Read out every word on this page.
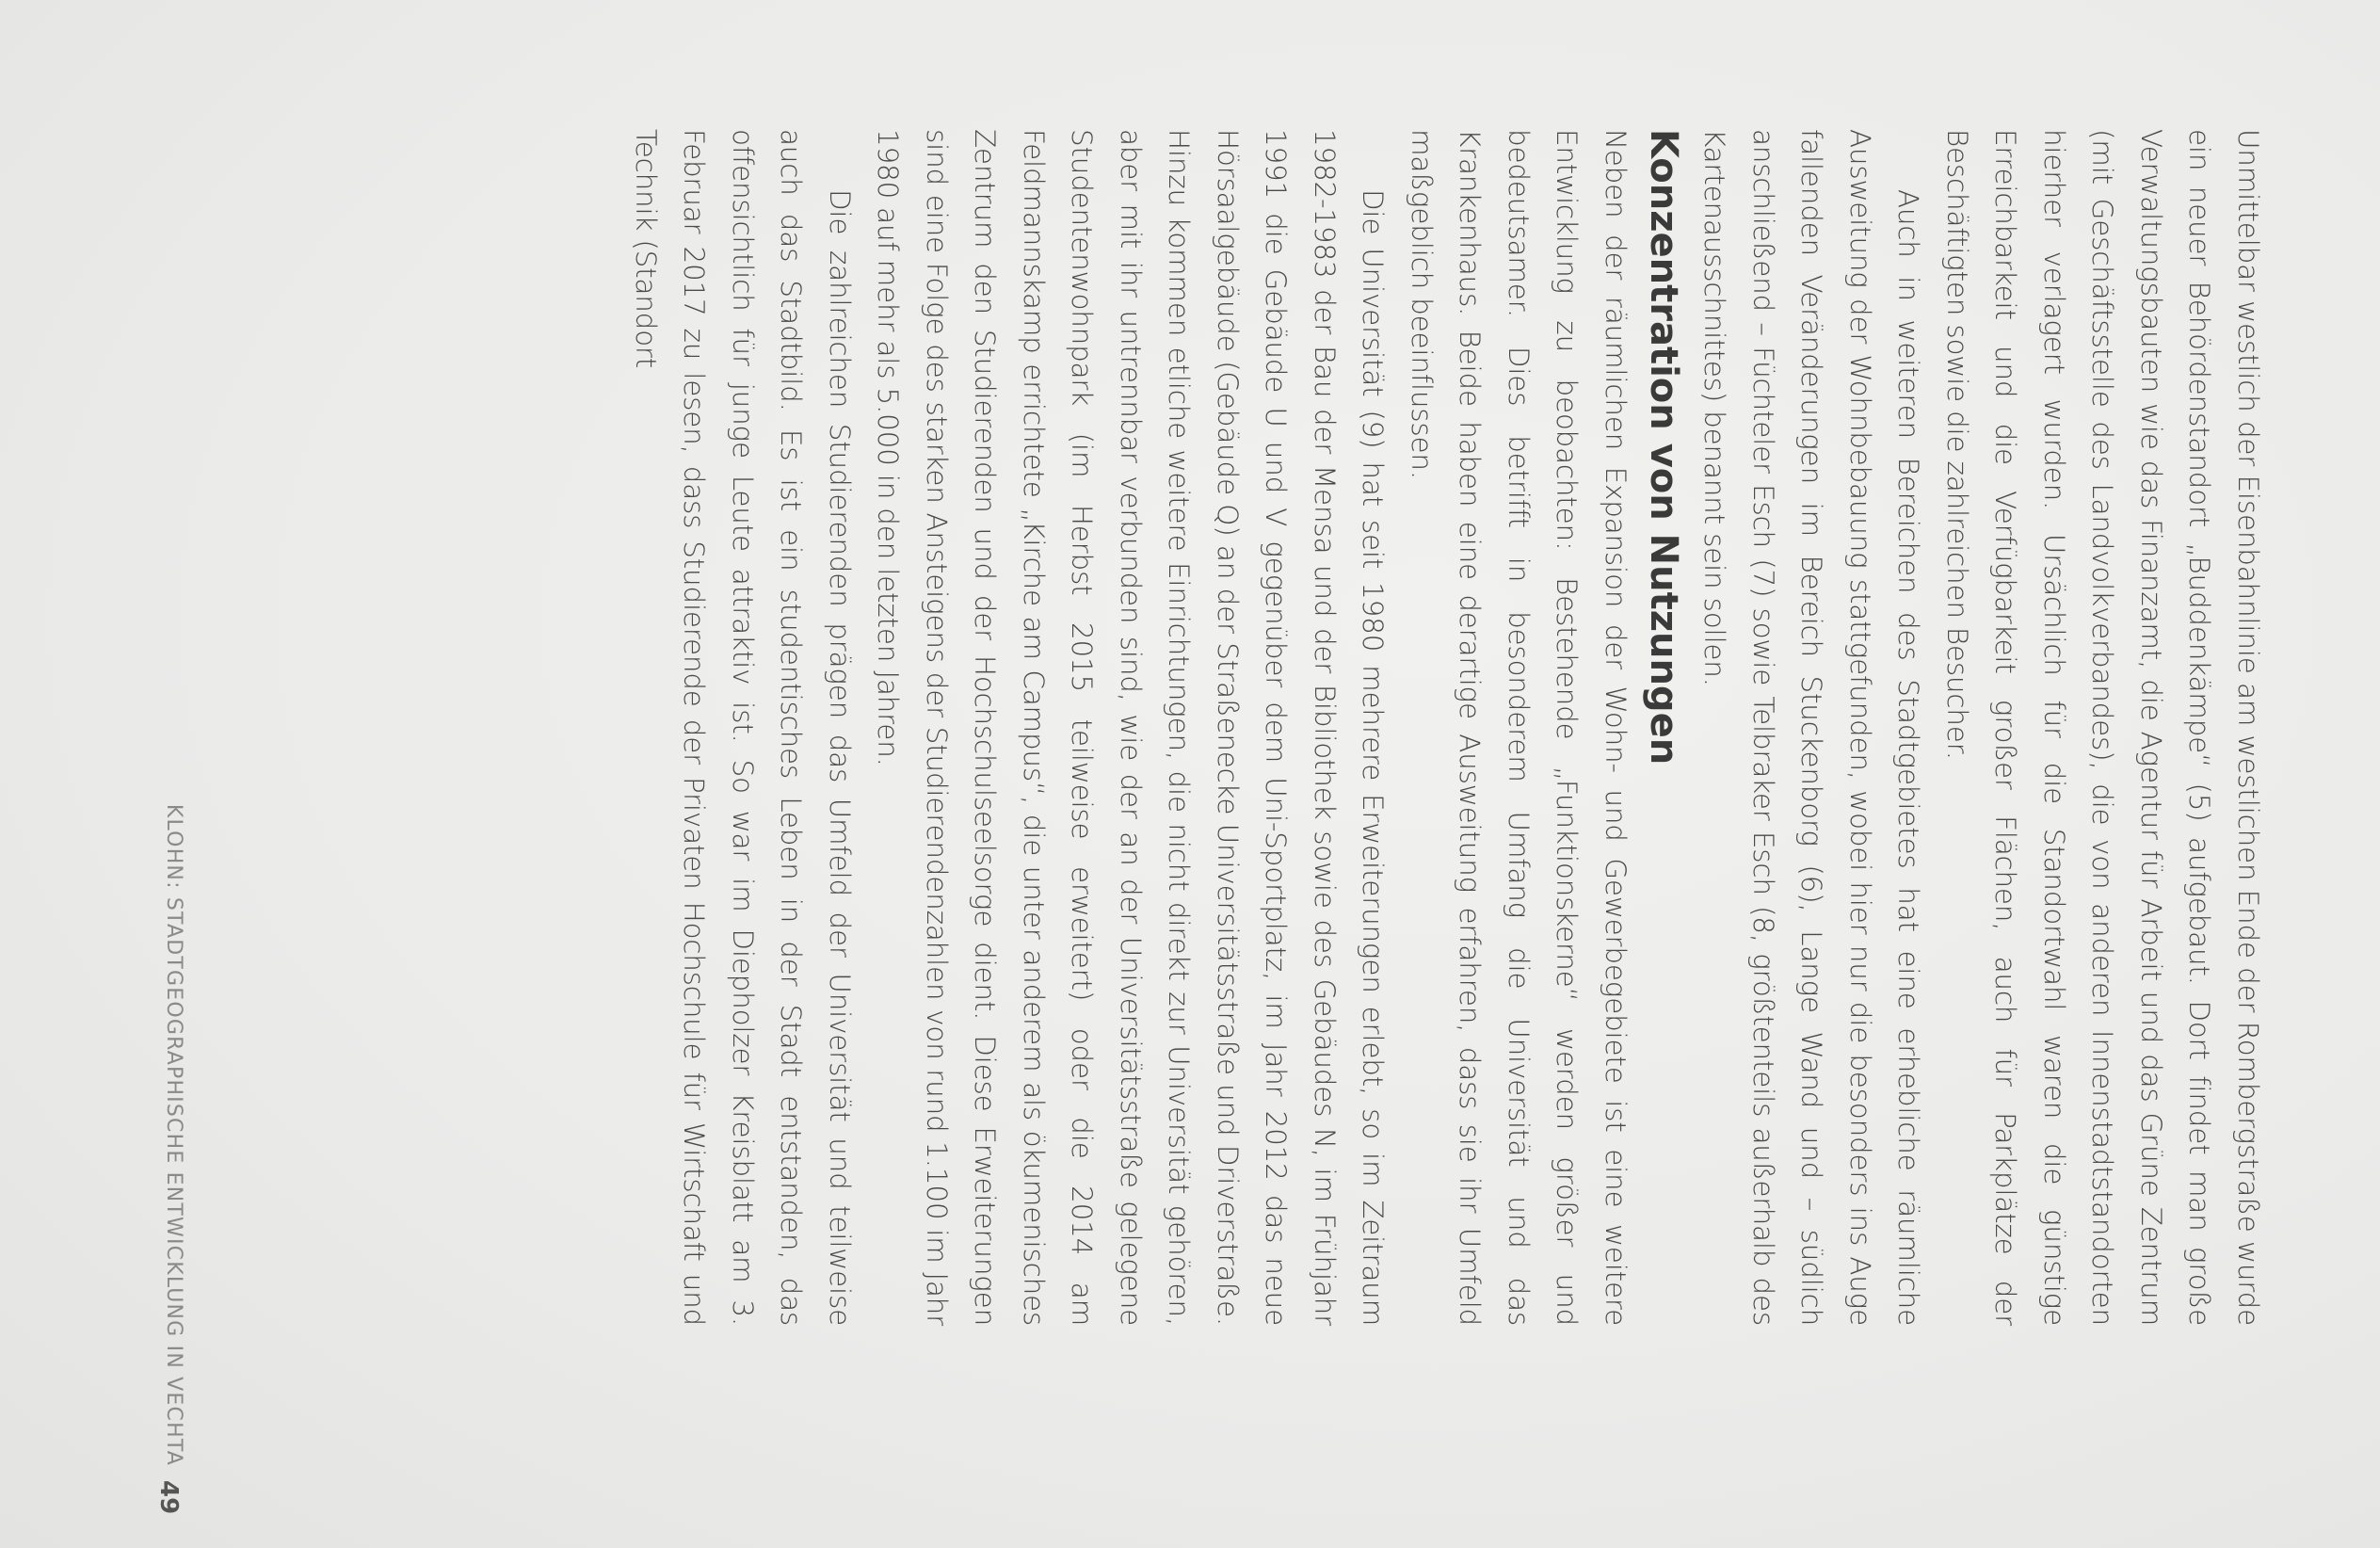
Unmittelbar westlich der Eisenbahnlinie am westlichen Ende der Rombergstraße wurde ein neuer Behördenstandort „Buddenkämpe“ (5) aufgebaut. Dort findet man große Verwaltungsbauten wie das Finanzamt, die Agentur für Arbeit und das Grüne Zentrum (mit Geschäftsstelle des Landvolkverbandes), die von anderen Innenstadtstandorten hierher verlagert wurden. Ursächlich für die Standortwahl waren die günstige Erreichbarkeit und die Verfügbarkeit großer Flächen, auch für Parkplätze der Beschäftigten sowie die zahlreichen Besucher.

Auch in weiteren Bereichen des Stadtgebietes hat eine erhebliche räumliche Ausweitung der Wohnbebauung stattgefunden, wobei hier nur die besonders ins Auge fallenden Veränderungen im Bereich Stuckenborg (6), Lange Wand und – südlich anschließend – Füchteler Esch (7) sowie Telbraker Esch (8, größtenteils außerhalb des Kartenausschnittes) benannt sein sollen.

Konzentration von Nutzungen

Neben der räumlichen Expansion der Wohn- und Gewerbegebiete ist eine weitere Entwicklung zu beobachten: Bestehende „Funktionskerne“ werden größer und bedeutsamer. Dies betrifft in besonderem Umfang die Universität und das Krankenhaus. Beide haben eine derartige Ausweitung erfahren, dass sie ihr Umfeld maßgeblich beeinflussen.

Die Universität (9) hat seit 1980 mehrere Erweiterungen erlebt, so im Zeitraum 1982-1983 der Bau der Mensa und der Bibliothek sowie des Gebäudes N, im Frühjahr 1991 die Gebäude U und V gegenüber dem Uni-Sportplatz, im Jahr 2012 das neue Hörsaalgebäude (Gebäude Q) an der Straßenecke Universitätsstraße und Driverstraße. Hinzu kommen etliche weitere Einrichtungen, die nicht direkt zur Universität gehören, aber mit ihr untrennbar verbunden sind, wie der an der Universitätsstraße gelegene Studentenwohnpark (im Herbst 2015 teilweise erweitert) oder die 2014 am Feldmannskamp errichtete „Kirche am Campus“, die unter anderem als ökumenisches Zentrum den Studierenden und der Hochschulseelsorge dient. Diese Erweiterungen sind eine Folge des starken Ansteigens der Studierendenzahlen von rund 1.100 im Jahr 1980 auf mehr als 5.000 in den letzten Jahren.

Die zahlreichen Studierenden prägen das Umfeld der Universität und teilweise auch das Stadtbild. Es ist ein studentisches Leben in der Stadt entstanden, das offensichtlich für junge Leute attraktiv ist. So war im Diepholzer Kreisblatt am 3. Februar 2017 zu lesen, dass Studierende der Privaten Hochschule für Wirtschaft und Technik (Standort

KLOHN: STADTGEOGRAPHISCHE ENTWICKLUNG IN VECHTA
49
